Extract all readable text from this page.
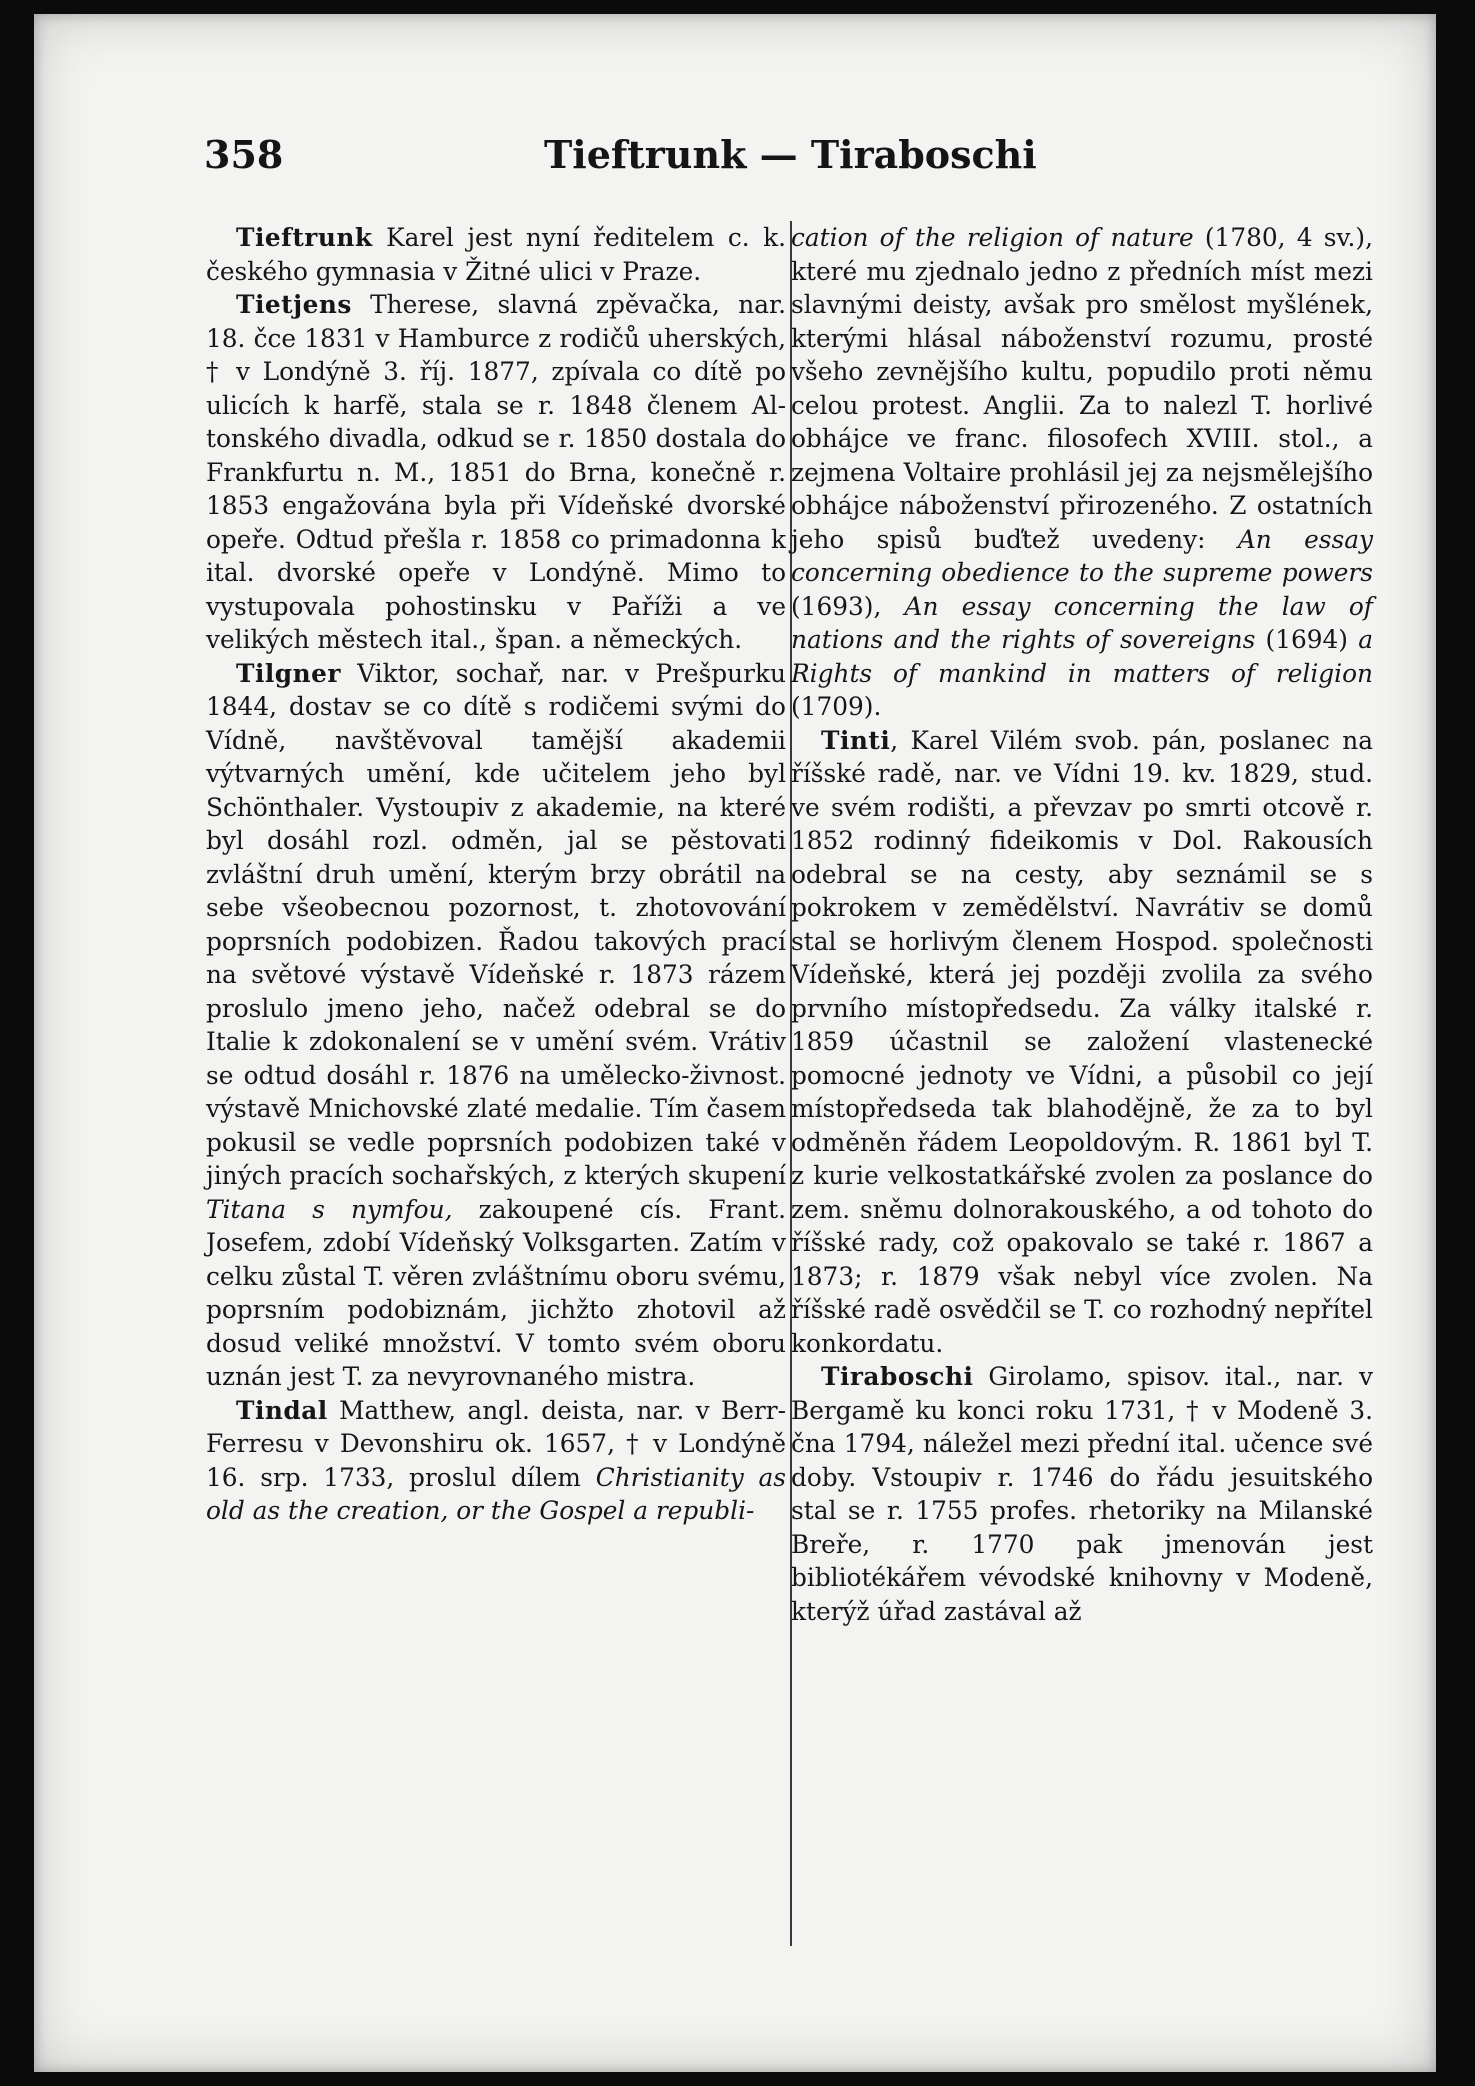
358	Tieftrunk — Tiraboschi

Tieftrunk Karel jest nyní ředitelem c. k. českého gymnasia v Žitné ulici v Praze.

Tietjens Therese, slavná zpěvačka, nar. 18. čce 1831 v Hamburce z rodičů uherských, † v Londýně 3. říj. 1877, zpívala co dítě po ulicích k harfě, stala se r. 1848 členem Altonského divadla, odkud se r. 1850 dostala do Frankfurtu n. M., 1851 do Brna, konečně r. 1853 engažována byla při Vídeňské dvorské opeře. Odtud přešla r. 1858 co primadonna k ital. dvorské opeře v Londýně. Mimo to vystupovala pohostinsku v Paříži a ve velikých městech ital., špan. a německých.

Tilgner Viktor, sochař, nar. v Prešpurku 1844, dostav se co dítě s rodičemi svými do Vídně, navštěvoval tamější akademii výtvarných umění, kde učitelem jeho byl Schönthaler. Vystoupiv z akademie, na které byl dosáhl rozl. odměn, jal se pěstovati zvláštní druh umění, kterým brzy obrátil na sebe všeobecnou pozornost, t. zhotovování poprsních podobizen. Řadou takových prací na světové výstavě Vídeňské r. 1873 rázem proslulo jmeno jeho, načež odebral se do Italie k zdokonalení se v umění svém. Vrátiv se odtud dosáhl r. 1876 na umělecko-živnost. výstavě Mnichovské zlaté medalie. Tím časem pokusil se vedle poprsních podobizen také v jiných pracích sochařských, z kterých skupení Titana s nymfou, zakoupené cís. Frant. Josefem, zdobí Vídeňský Volksgarten. Zatím v celku zůstal T. věren zvláštnímu oboru svému, poprsním podobiznám, jichžto zhotovil až dosud veliké množství. V tomto svém oboru uznán jest T. za nevyrovnaného mistra.

Tindal Matthew, angl. deista, nar. v Berr-Ferresu v Devonshiru ok. 1657, † v Londýně 16. srp. 1733, proslul dílem Christianity as old as the creation, or the Gospel a republi-

cation of the religion of nature (1780, 4 sv.), které mu zjednalo jedno z předních míst mezi slavnými deisty, avšak pro smělost myšlének, kterými hlásal náboženství rozumu, prosté všeho zevnějšího kultu, popudilo proti němu celou protest. Anglii. Za to nalezl T. horlivé obhájce ve franc. filosofech XVIII. stol., a zejmena Voltaire prohlásil jej za nejsmělejšího obhájce náboženství přirozeného. Z ostatních jeho spisů buďtež uvedeny: An essay concerning obedience to the supreme powers (1693), An essay concerning the law of nations and the rights of sovereigns (1694) a Rights of mankind in matters of religion (1709).

Tinti, Karel Vilém svob. pán, poslanec na říšské radě, nar. ve Vídni 19. kv. 1829, stud. ve svém rodišti, a převzav po smrti otcově r. 1852 rodinný fideikomis v Dol. Rakousích odebral se na cesty, aby seznámil se s pokrokem v zemědělství. Navrátiv se domů stal se horlivým členem Hospod. společnosti Vídeňské, která jej později zvolila za svého prvního místopředsedu. Za války italské r. 1859 účastnil se založení vlastenecké pomocné jednoty ve Vídni, a působil co její místopředseda tak blahodějně, že za to byl odměněn řádem Leopoldovým. R. 1861 byl T. z kurie velkostatkářské zvolen za poslance do zem. sněmu dolnorakouského, a od tohoto do říšské rady, což opakovalo se také r. 1867 a 1873; r. 1879 však nebyl více zvolen. Na říšské radě osvědčil se T. co rozhodný nepřítel konkordatu.

Tiraboschi Girolamo, spisov. ital., nar. v Bergamě ku konci roku 1731, † v Modeně 3. čna 1794, náležel mezi přední ital. učence své doby. Vstoupiv r. 1746 do řádu jesuitského stal se r. 1755 profes. rhetoriky na Milanské Breře, r. 1770 pak jmenován jest bibliotékářem vévodské knihovny v Modeně, kterýž úřad zastával až
